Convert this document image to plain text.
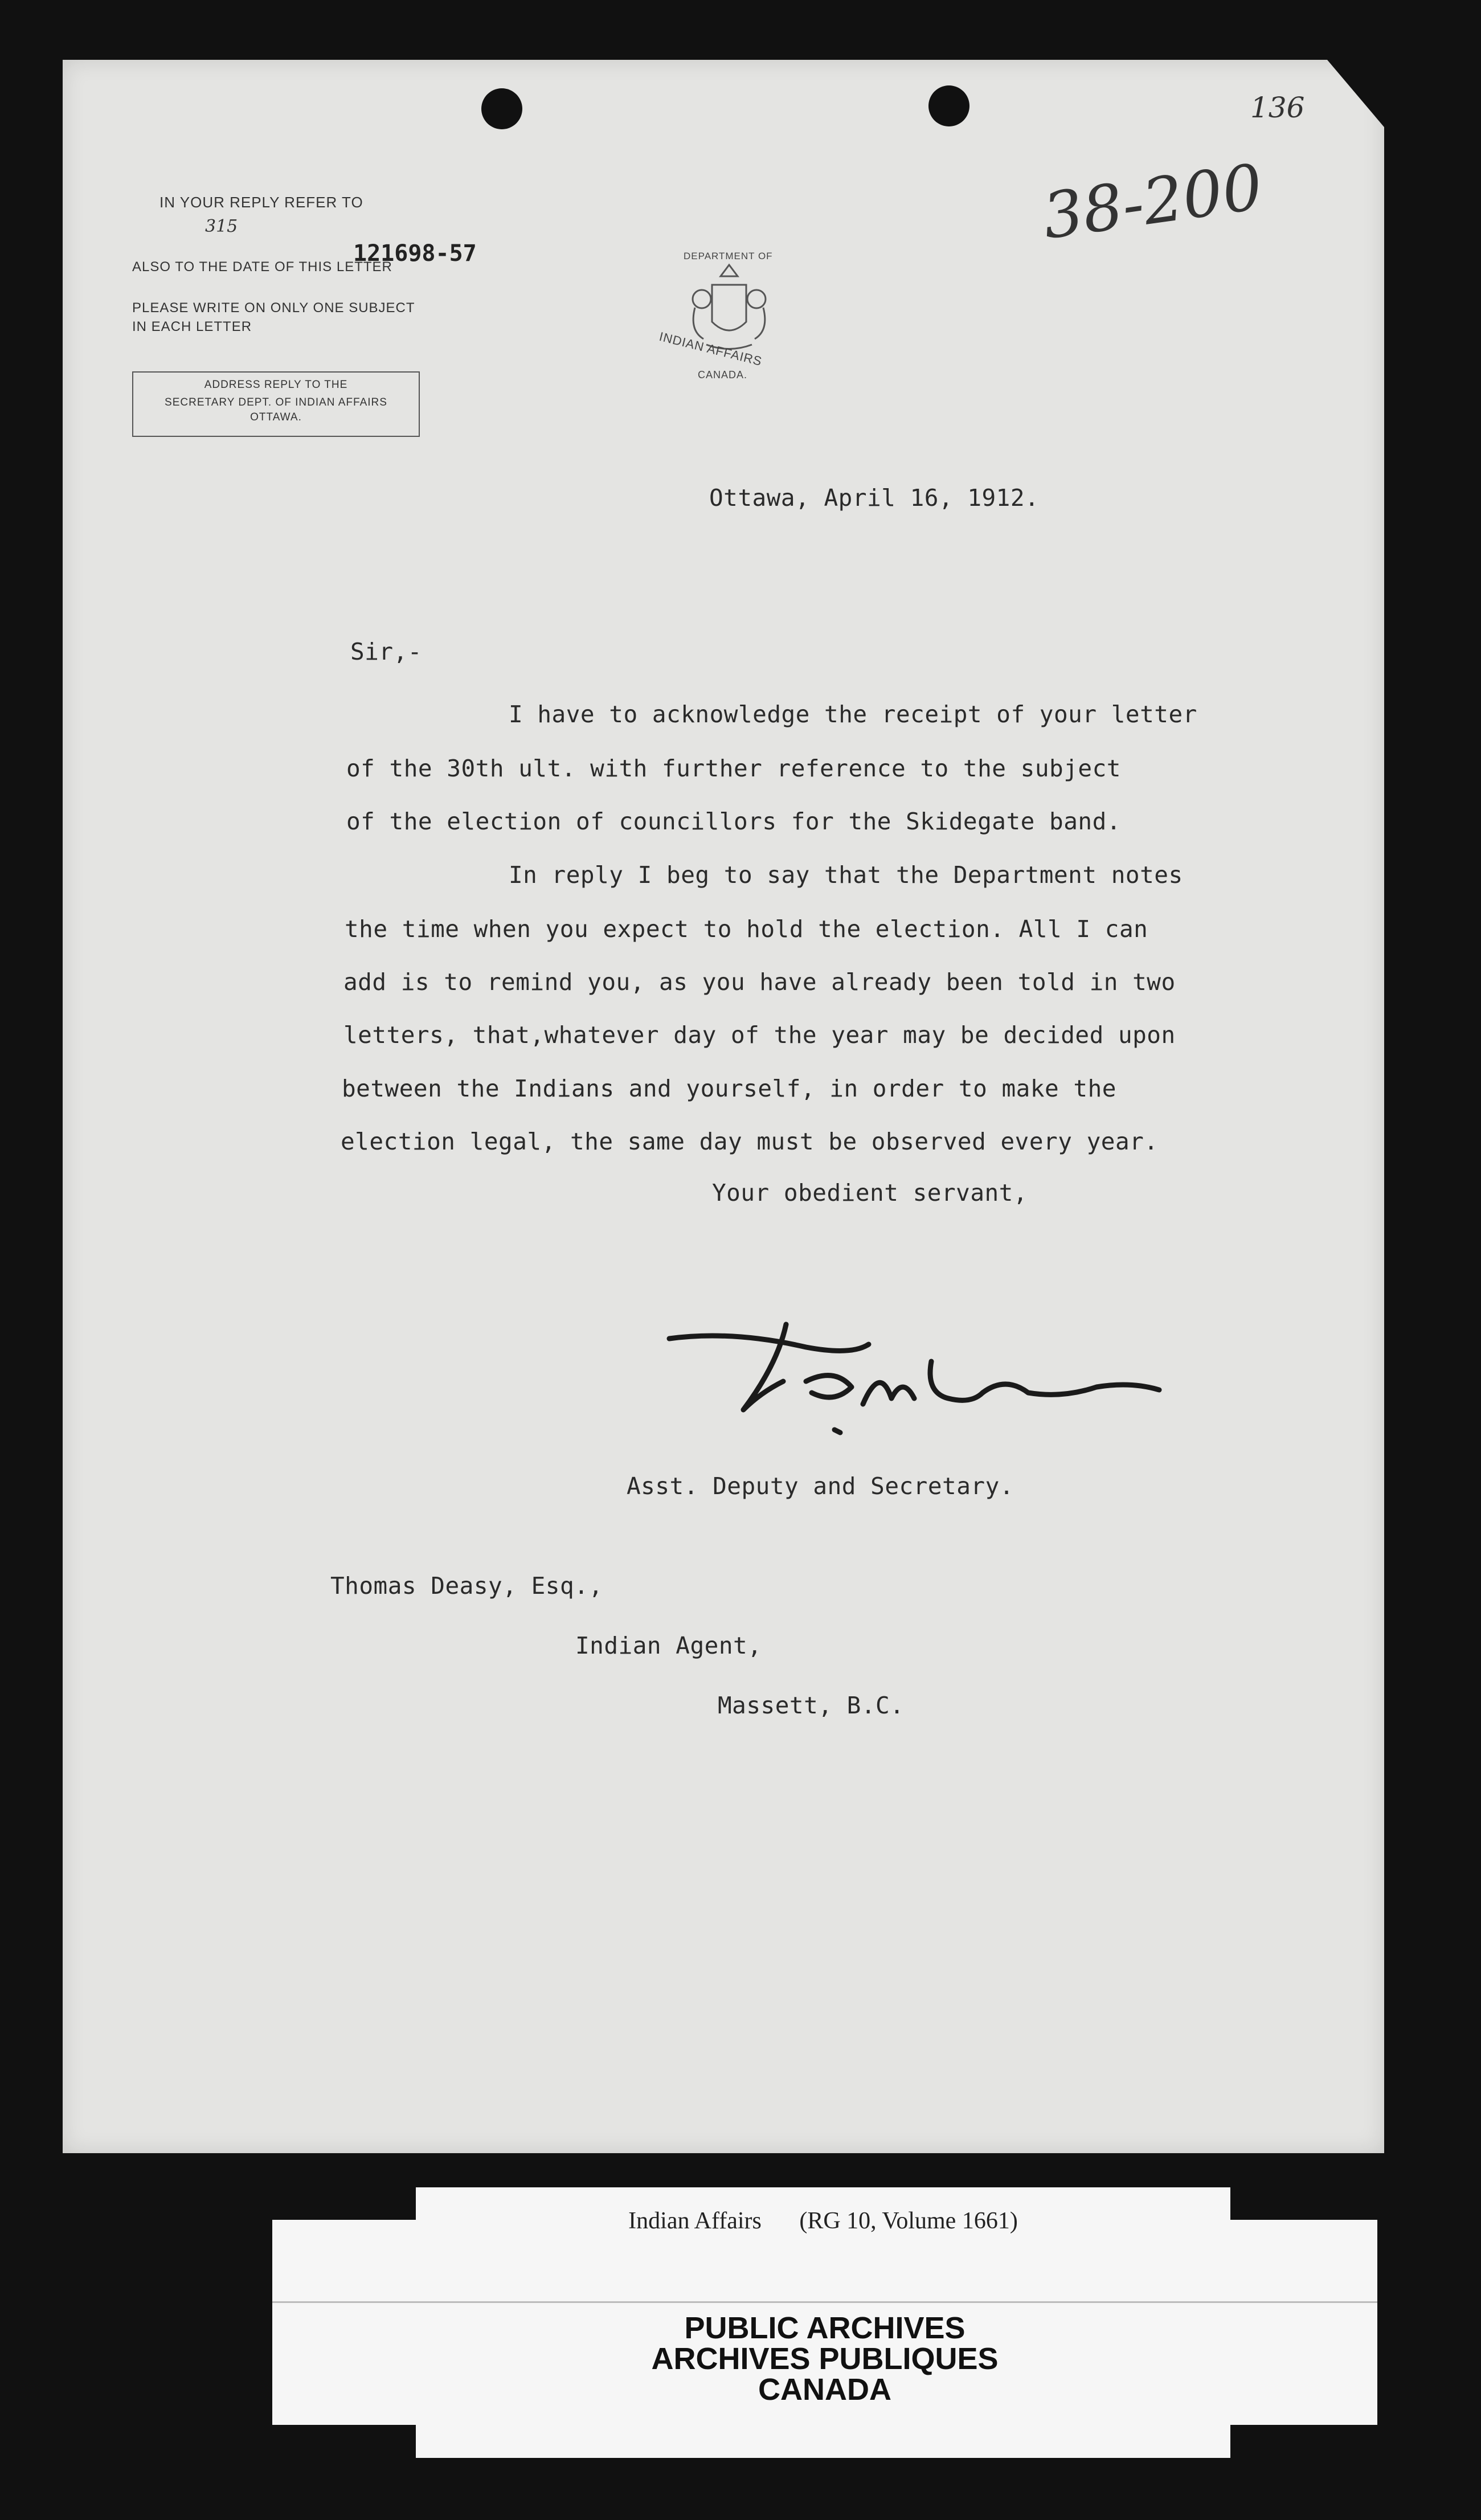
IN YOUR REPLY REFER TO
315
ALSO TO THE DATE OF THIS LETTER
121698-57
PLEASE WRITE ON ONLY ONE SUBJECT
IN EACH LETTER
ADDRESS REPLY TO THE
SECRETARY DEPT. OF INDIAN AFFAIRS
OTTAWA.
DEPARTMENT OF
INDIAN AFFAIRS
CANADA.
136
38-200
Ottawa, April 16, 1912.
Sir,-
I have to acknowledge the receipt of your letter
of the 30th ult. with further reference to the subject
of the election of councillors for the Skidegate band.
In reply I beg to say that the Department notes
the time when you expect to hold the election. All I can
add is to remind you, as you have already been told in two
letters, that,whatever day of the year may be decided upon
between the Indians and yourself, in order to make the
election legal, the same day must be observed every year.
Your obedient servant,
Asst. Deputy and Secretary.
Thomas Deasy, Esq.,
Indian Agent,
Massett, B.C.
Indian Affairs (RG 10, Volume 1661)
PUBLIC ARCHIVES
ARCHIVES PUBLIQUES
CANADA
